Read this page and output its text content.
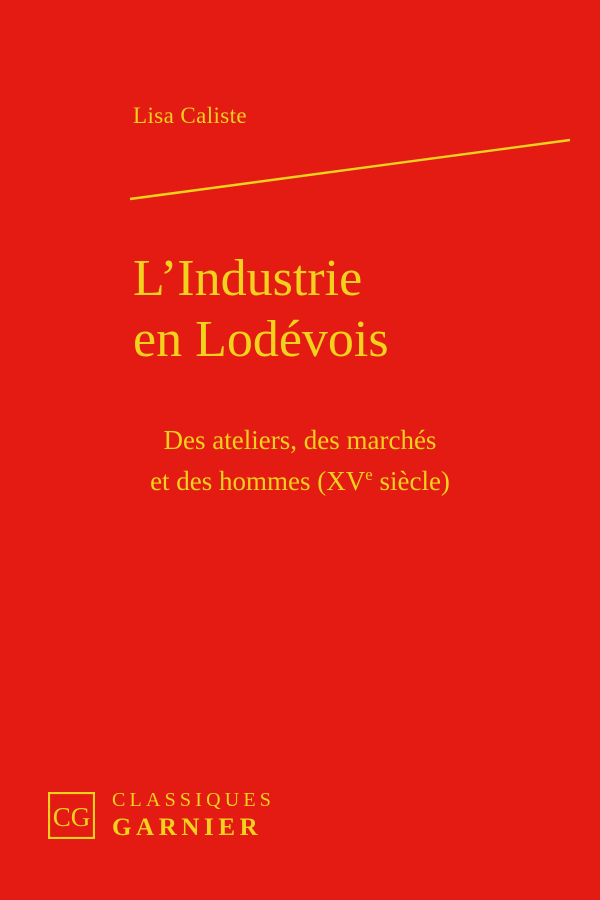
Lisa Caliste
L’Industrie
en Lodévois
Des ateliers, des marchés
et des hommes (XVe siècle)
CG
CLASSIQUES
GARNIER
